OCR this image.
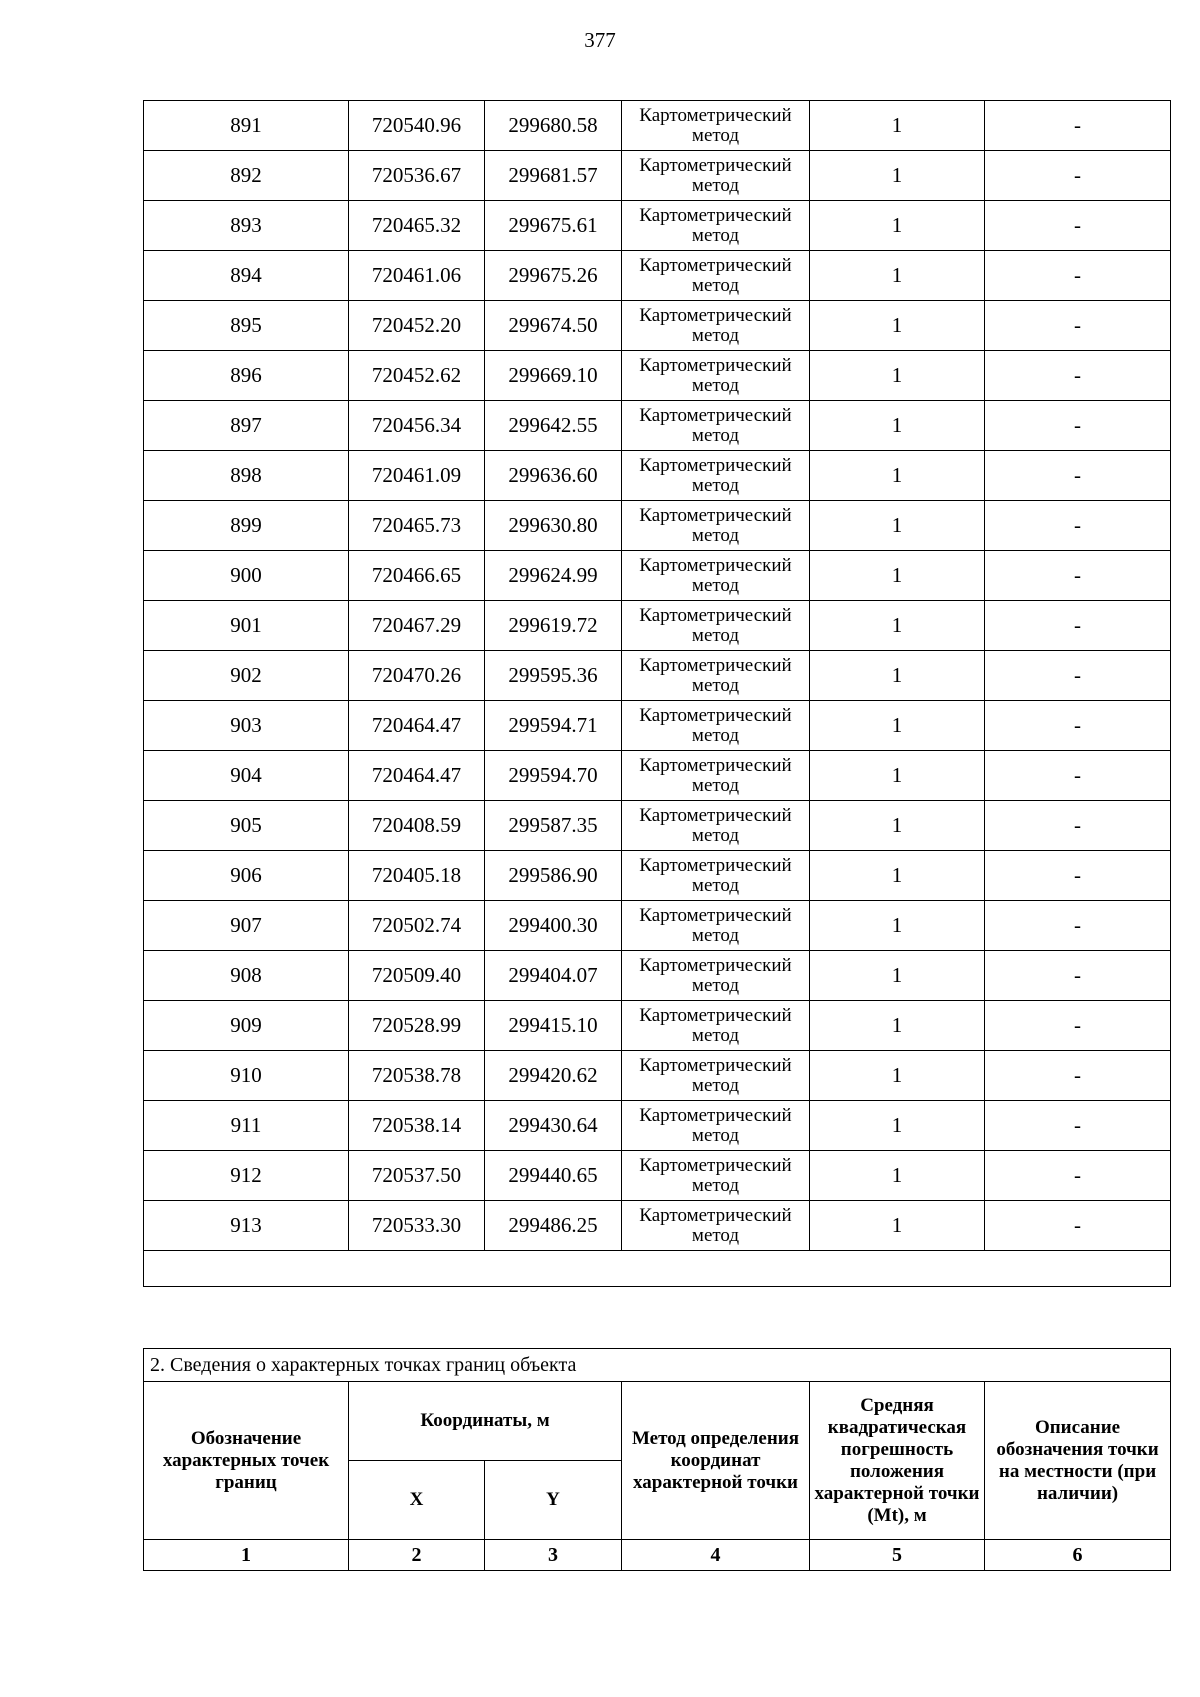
377
891	720540.96	299680.58	Картометрический метод	1	-
892	720536.67	299681.57	Картометрический метод	1	-
893	720465.32	299675.61	Картометрический метод	1	-
894	720461.06	299675.26	Картометрический метод	1	-
895	720452.20	299674.50	Картометрический метод	1	-
896	720452.62	299669.10	Картометрический метод	1	-
897	720456.34	299642.55	Картометрический метод	1	-
898	720461.09	299636.60	Картометрический метод	1	-
899	720465.73	299630.80	Картометрический метод	1	-
900	720466.65	299624.99	Картометрический метод	1	-
901	720467.29	299619.72	Картометрический метод	1	-
902	720470.26	299595.36	Картометрический метод	1	-
903	720464.47	299594.71	Картометрический метод	1	-
904	720464.47	299594.70	Картометрический метод	1	-
905	720408.59	299587.35	Картометрический метод	1	-
906	720405.18	299586.90	Картометрический метод	1	-
907	720502.74	299400.30	Картометрический метод	1	-
908	720509.40	299404.07	Картометрический метод	1	-
909	720528.99	299415.10	Картометрический метод	1	-
910	720538.78	299420.62	Картометрический метод	1	-
911	720538.14	299430.64	Картометрический метод	1	-
912	720537.50	299440.65	Картометрический метод	1	-
913	720533.30	299486.25	Картометрический метод	1	-

2. Сведения о характерных точках границ объекта					
Обозначение характерных точек границ	Координаты, м		Метод определения координат характерной точки	Средняя квадратическая погрешность положения характерной точки (Mt), м	Описание обозначения точки на местности (при наличии)
	X	Y			
1	2	3	4	5	6
